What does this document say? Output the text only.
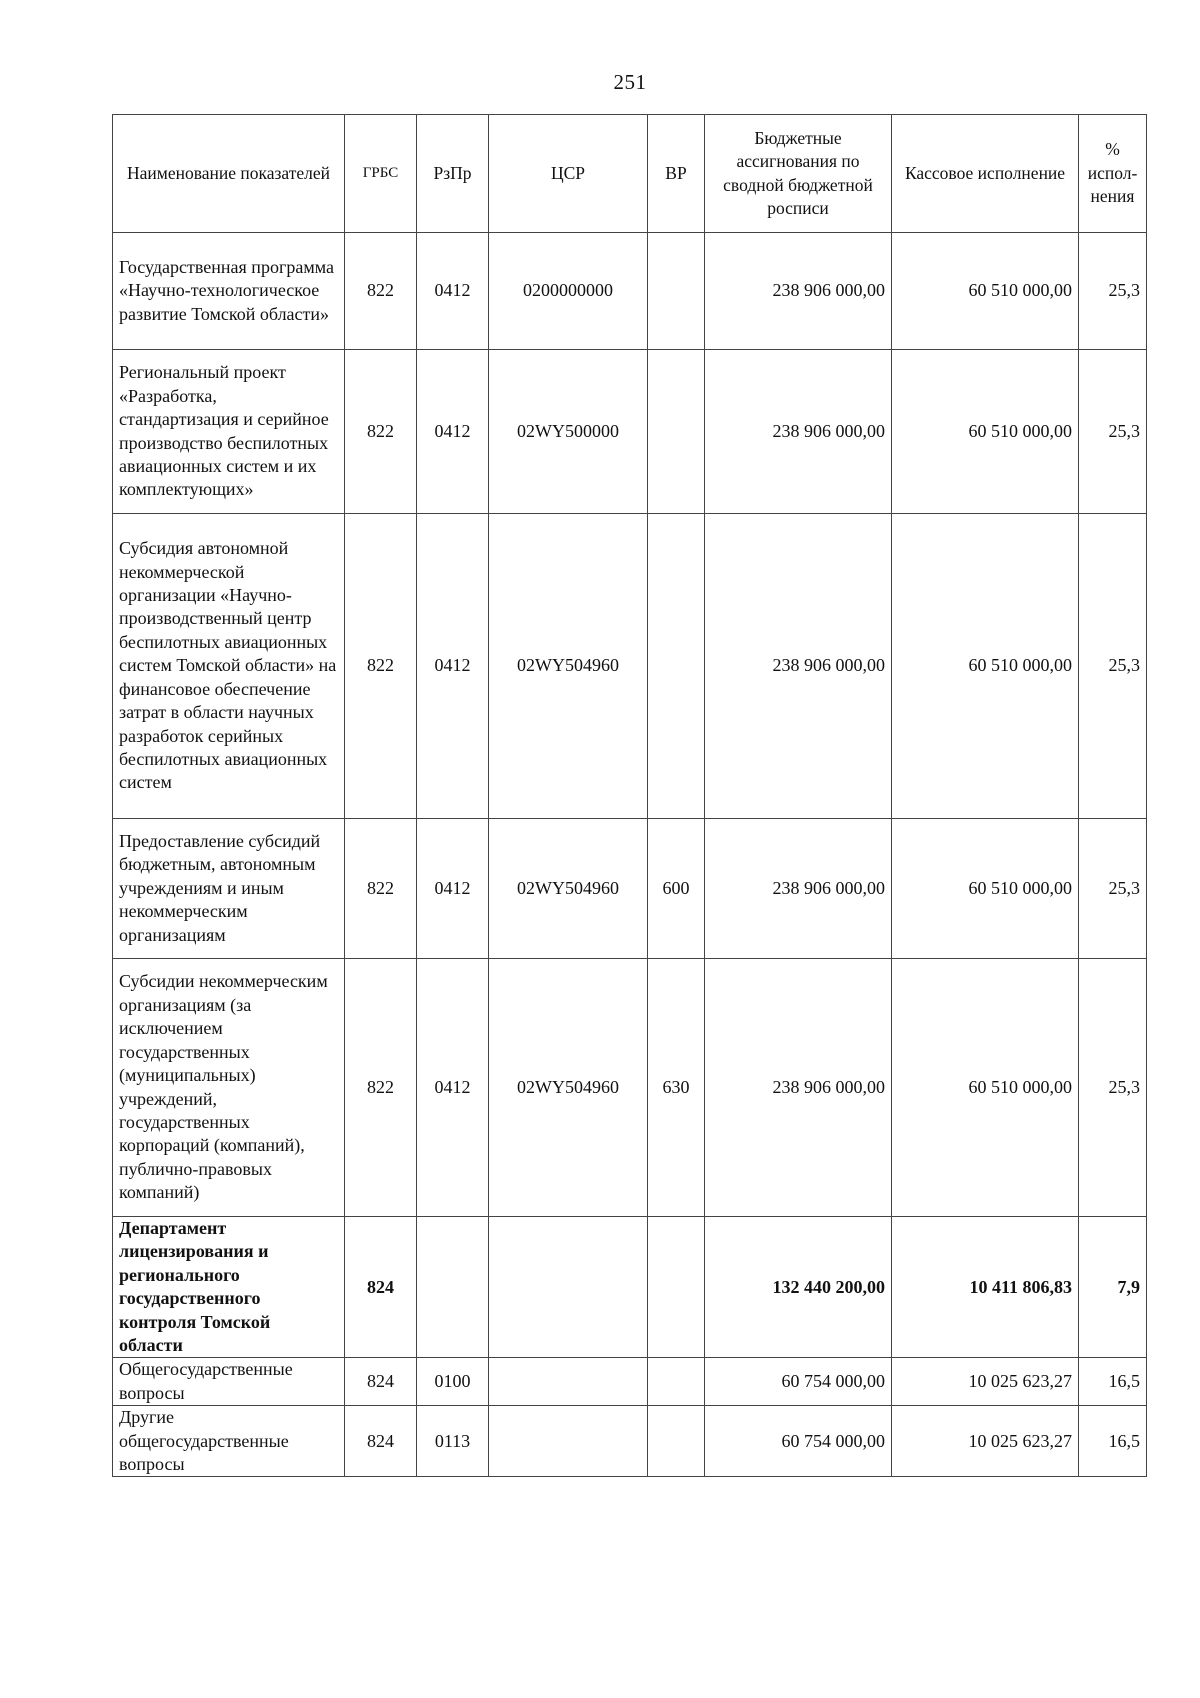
251
Наименование показателей	ГРБС	РзПр	ЦСР	ВР	Бюджетные ассигнования по сводной бюджетной росписи	Кассовое исполнение	% испол-нения
Государственная программа «Научно-технологическое развитие Томской области»	822	0412	0200000000		238 906 000,00	60 510 000,00	25,3
Региональный проект «Разработка, стандартизация и серийное производство беспилотных авиационных систем и их комплектующих»	822	0412	02WY500000		238 906 000,00	60 510 000,00	25,3
Субсидия автономной некоммерческой организации «Научно-производственный центр беспилотных авиационных систем Томской области» на финансовое обеспечение затрат в области научных разработок серийных беспилотных авиационных систем	822	0412	02WY504960		238 906 000,00	60 510 000,00	25,3
Предоставление субсидий бюджетным, автономным учреждениям и иным некоммерческим организациям	822	0412	02WY504960	600	238 906 000,00	60 510 000,00	25,3
Субсидии некоммерческим организациям (за исключением государственных (муниципальных) учреждений, государственных корпораций (компаний), публично-правовых компаний)	822	0412	02WY504960	630	238 906 000,00	60 510 000,00	25,3
Департамент лицензирования и регионального государственного контроля Томской области	824				132 440 200,00	10 411 806,83	7,9
Общегосударственные вопросы	824	0100			60 754 000,00	10 025 623,27	16,5
Другие общегосударственные вопросы	824	0113			60 754 000,00	10 025 623,27	16,5
